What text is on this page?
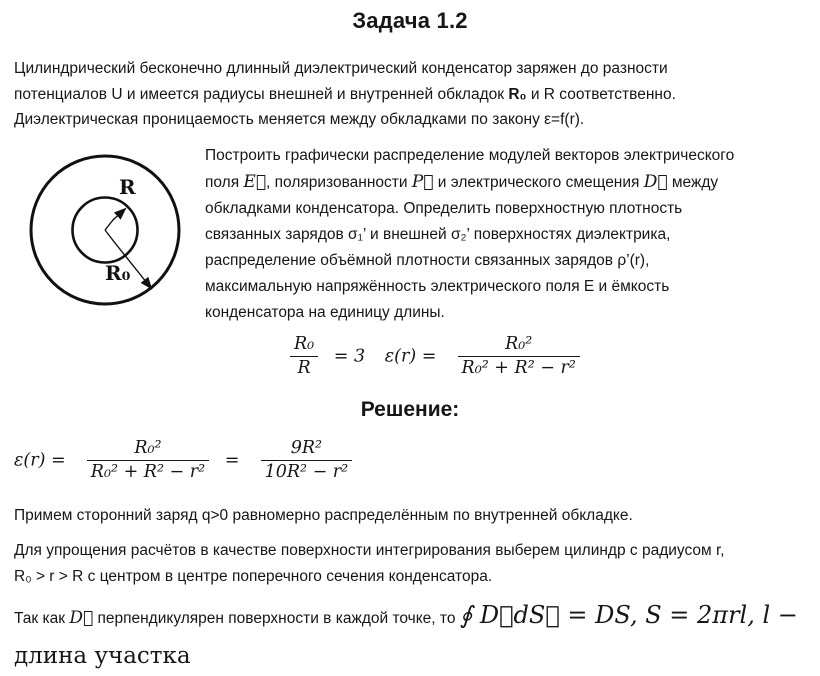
Задача 1.2
Цилиндрический бесконечно длинный диэлектрический конденсатор заряжен до разности
потенциалов U и имеется радиусы внешней и внутренней обкладок R₀ и R соответственно.
Диэлектрическая проницаемость меняется между обкладками по закону ε=f(r).
R
R₀
Построить графически распределение модулей векторов электрического
поля E⃗, поляризованности P⃗ и электрического смещения D⃗ между
обкладками конденсатора. Определить поверхностную плотность
связанных зарядов σ₁’ и внешней σ₂’ поверхностях диэлектрика,
распределение объёмной плотности связанных зарядов ρ’(r),
максимальную напряжённость электрического поля E и ёмкость
конденсатора на единицу длины.
$\frac{\text{R₀}}{R} = 3$ $\varepsilon(r) = \frac{\text{R₀²}}{\text{R₀² + R² − r²}}$
Решение:
$\varepsilon(r) = \frac{\text{R₀²}}{\text{R₀² + R² − r²}} = \frac{\text{9R²}}{\text{10R² − r²}}$
Примем сторонний заряд q>0 равномерно распределённым по внутренней обкладке.
Для упрощения расчётов в качестве поверхности интегрирования выберем цилиндр с радиусом r,
R₀ > r > R с центром в центре поперечного сечения конденсатора.
Так как D⃗ перпендикулярен поверхности в каждой точке, то ∮ D⃗dS⃗ = DS, S = 2πrl, l −
длина участка
